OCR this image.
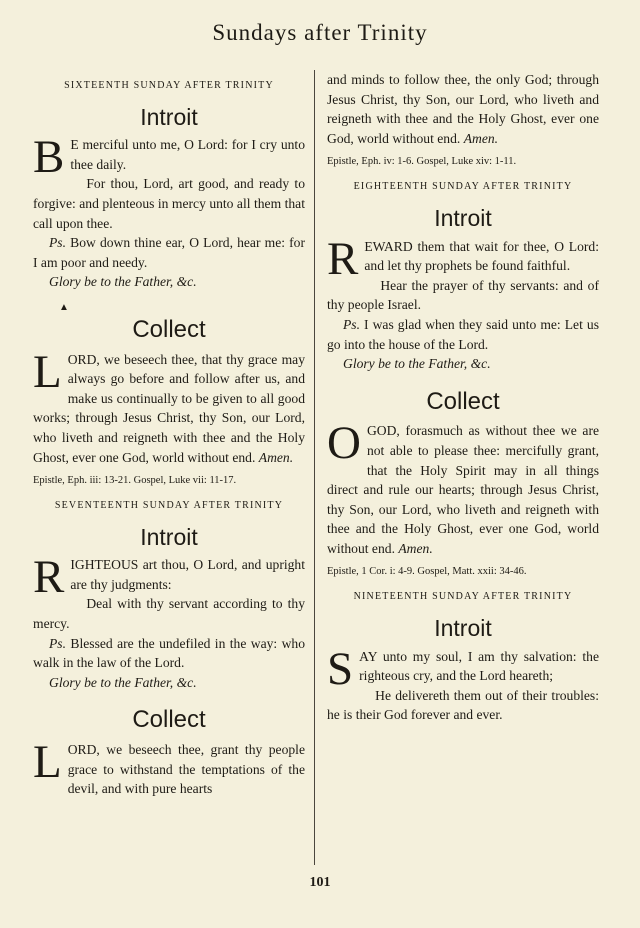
Sundays after Trinity
SIXTEENTH SUNDAY AFTER TRINITY
Introit

B E merciful unto me, O Lord: for I cry unto thee daily.

For thou, Lord, art good, and ready to forgive: and plenteous in mercy unto all them that call upon thee.

Ps. Bow down thine ear, O Lord, hear me: for I am poor and needy.

Glory be to the Father, &c.

▲
Collect

LORD, we beseech thee, that thy grace may always go before and follow after us, and make us continually to be given to all good works; through Jesus Christ, thy Son, our Lord, who liveth and reigneth with thee and the Holy Ghost, ever one God, world without end. Amen.

Epistle, Eph. iii: 13-21. Gospel, Luke vii: 11-17.
SEVENTEENTH SUNDAY AFTER TRINITY
Introit

RIGHTEOUS art thou, O Lord, and upright are thy judgments:

Deal with thy servant according to thy mercy.

Ps. Blessed are the undefiled in the way: who walk in the law of the Lord.

Glory be to the Father, &c.

Collect

LORD, we beseech thee, grant thy people grace to withstand the temptations of the devil, and with pure hearts

and minds to follow thee, the only God; through Jesus Christ, thy Son, our Lord, who liveth and reigneth with thee and the Holy Ghost, ever one God, world without end. Amen.

Epistle, Eph. iv: 1-6. Gospel, Luke xiv: 1-11.
EIGHTEENTH SUNDAY AFTER TRINITY
Introit

REWARD them that wait for thee, O Lord: and let thy prophets be found faithful.

Hear the prayer of thy servants: and of thy people Israel.

Ps. I was glad when they said unto me: Let us go into the house of the Lord.

Glory be to the Father, &c.

Collect

OGOD, forasmuch as without thee we are not able to please thee: mercifully grant, that the Holy Spirit may in all things direct and rule our hearts; through Jesus Christ, thy Son, our Lord, who liveth and reigneth with thee and the Holy Ghost, ever one God, world without end. Amen.

Epistle, 1 Cor. i: 4-9. Gospel, Matt. xxii: 34-46.
NINETEENTH SUNDAY AFTER TRINITY
Introit

SAY unto my soul, I am thy salvation: the righteous cry, and the Lord heareth;

He delivereth them out of their troubles: he is their God forever and ever.

101
